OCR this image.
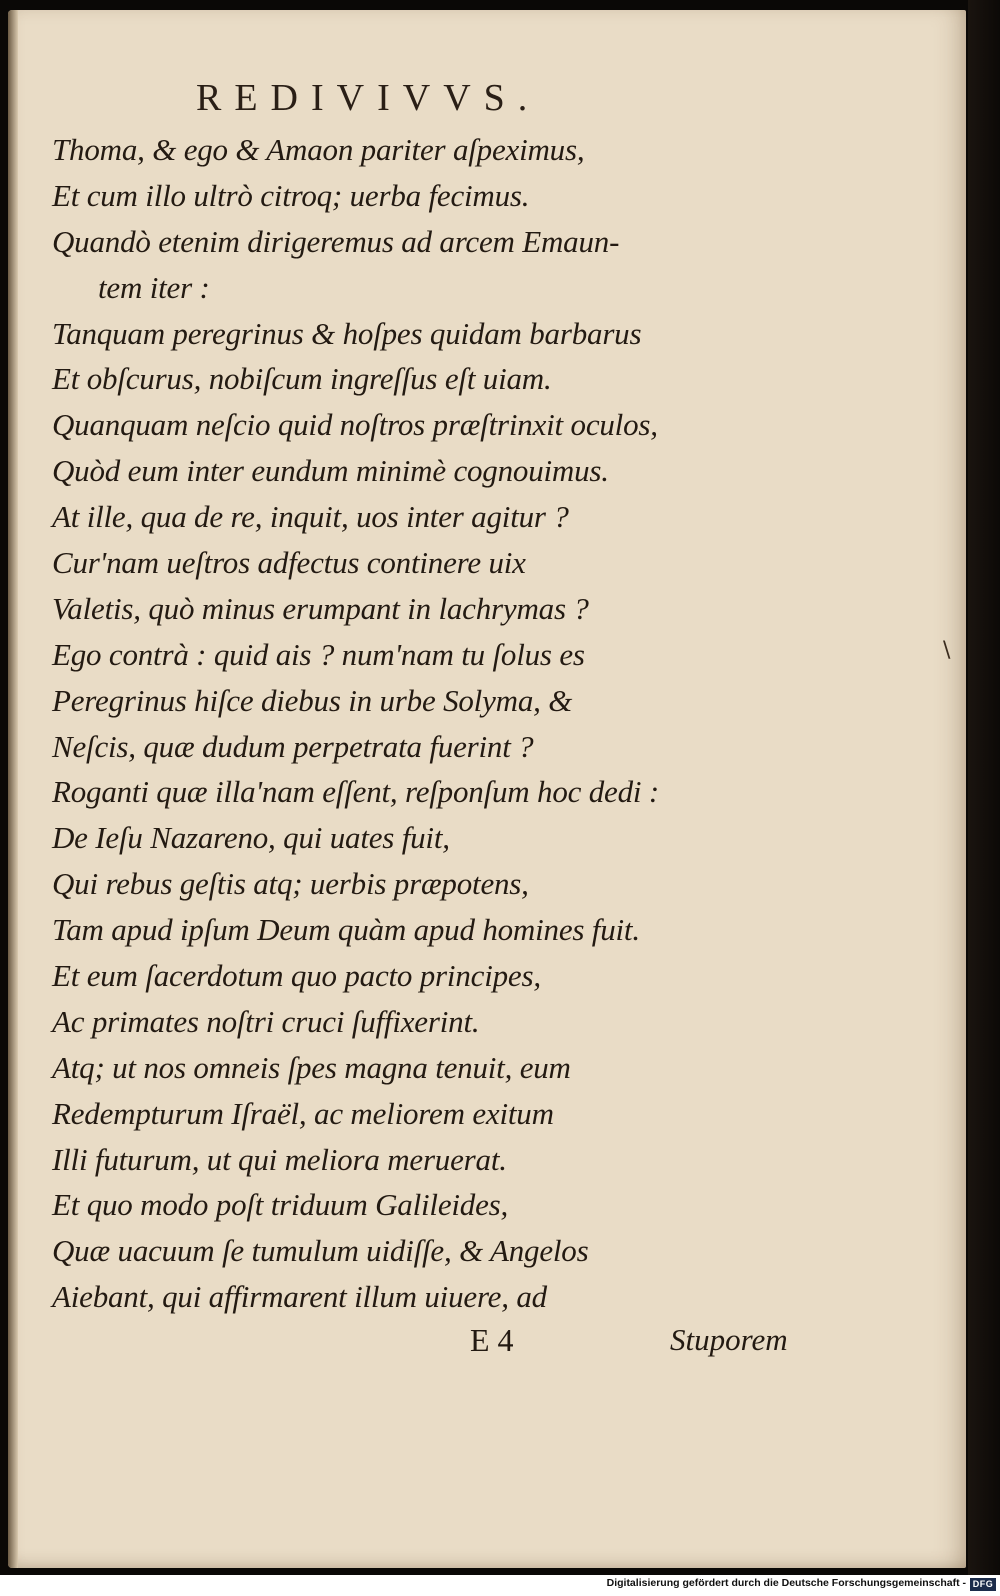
REDIVIVVS.
Thoma, & ego & Amaon pariter aſpeximus,
Et cum illo ultrò citroq; uerba fecimus.
Quandò etenim dirigeremus ad arcem Emaun-
tem iter :
Tanquam peregrinus & hoſpes quidam barbarus
Et obſcurus, nobiſcum ingreſſus eſt uiam.
Quanquam neſcio quid noſtros præſtrinxit oculos,
Quòd eum inter eundum minimè cognouimus.
At ille, qua de re, inquit, uos inter agitur ?
Cur'nam ueſtros adfectus continere uix
Valetis, quò minus erumpant in lachrymas ?
Ego contrà : quid ais ? num'nam tu ſolus es
Peregrinus hiſce diebus in urbe Solyma, &
Neſcis, quæ dudum perpetrata fuerint ?
Roganti quæ illa'nam eſſent, reſponſum hoc dedi :
De Ieſu Nazareno, qui uates fuit,
Qui rebus geſtis atq; uerbis præpotens,
Tam apud ipſum Deum quàm apud homines fuit.
Et eum ſacerdotum quo pacto principes,
Ac primates noſtri cruci ſuffixerint.
Atq; ut nos omneis ſpes magna tenuit, eum
Redempturum Iſraël, ac meliorem exitum
Illi futurum, ut qui meliora meruerat.
Et quo modo poſt triduum Galileides,
Quæ uacuum ſe tumulum uidiſſe, & Angelos
Aiebant, qui affirmarent illum uiuere, ad
E 4	Stuporem
\
Digitalisierung gefördert durch die Deutsche Forschungsgemeinschaft - DFG
